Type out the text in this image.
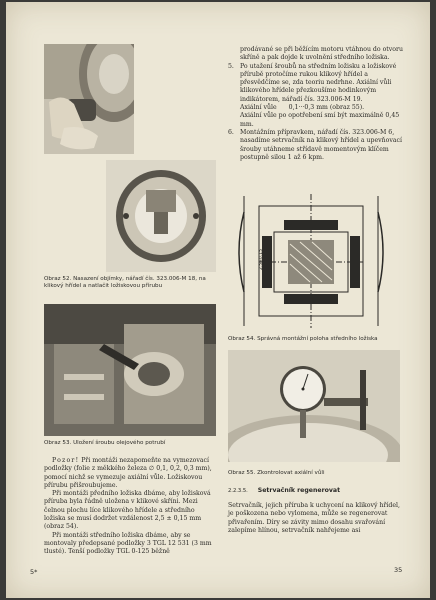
Obraz 52. Nasazení objímky, nářadí čís. 323.006-M 18, na klikový hřídel a natlačit ložiskovou přírubu
Obraz 53. Uložení šroubu olejového potrubí

Pozor! Při montáži nezapomeňte na vymezovací podložky (folie z měkkého železa ∅ 0,1, 0,2, 0,3 mm), pomocí nichž se vymezuje axiální vůle. Ložiskovou přírubu přišroubujeme.

Při montáži předního ložiska dbáme, aby ložisková příruba byla řádně uložena v klikové skříni. Mezi čelnou plochu líce klikového hřídele a středního ložiska se musí dodržet vzdálenost 2,5 ± 0,15 mm (obraz 54).

Při montáži středního ložiska dbáme, aby se montovaly předepsané podložky 3 TGL 12 531 (3 mm tlusté). Tenší podložky TGL 0-125 běžně

prodávané se při běžícím motoru vtáhnou do otvoru skříně a pak dojde k uvolnění středního ložiska.

5. Po utažení šroubů na středním ložisku a ložiskové přírubě protočíme rukou klikový hřídel a přesvědčíme se, zda teoriu nedrhne. Axiální vůli klikového hřídele přezkoušíme hodinkovým indikátorem, nářadí čís. 323.006-M 19.

Axiální vůle 0,1···0,3 mm (obraz 55).

Axiální vůle po opotřebení smí být maximálně 0,45 mm.

6. Montážním přípravkem, nářadí čís. 323.006-M 6, nasadíme setrvačník na klikový hřídel a upevňovací šrouby utáhneme střídavě momentovým klíčem postupně silou 1 až 6 kpm.

2,5±0,15
Obraz 54. Správná montážní poloha středního ložiska
Obraz 55. Zkontrolovat axiální vůli
2.2.3.5. Setrvačník regenerovat

Setrvačník, jejich příruba k uchycení na klikový hřídel, je poškozena nebo vylomena, může se regenerovat přivařením. Díry se závity mimo dosahu svařování zalepíme hlínou, setrvačník nahřejeme asi

5*	35
